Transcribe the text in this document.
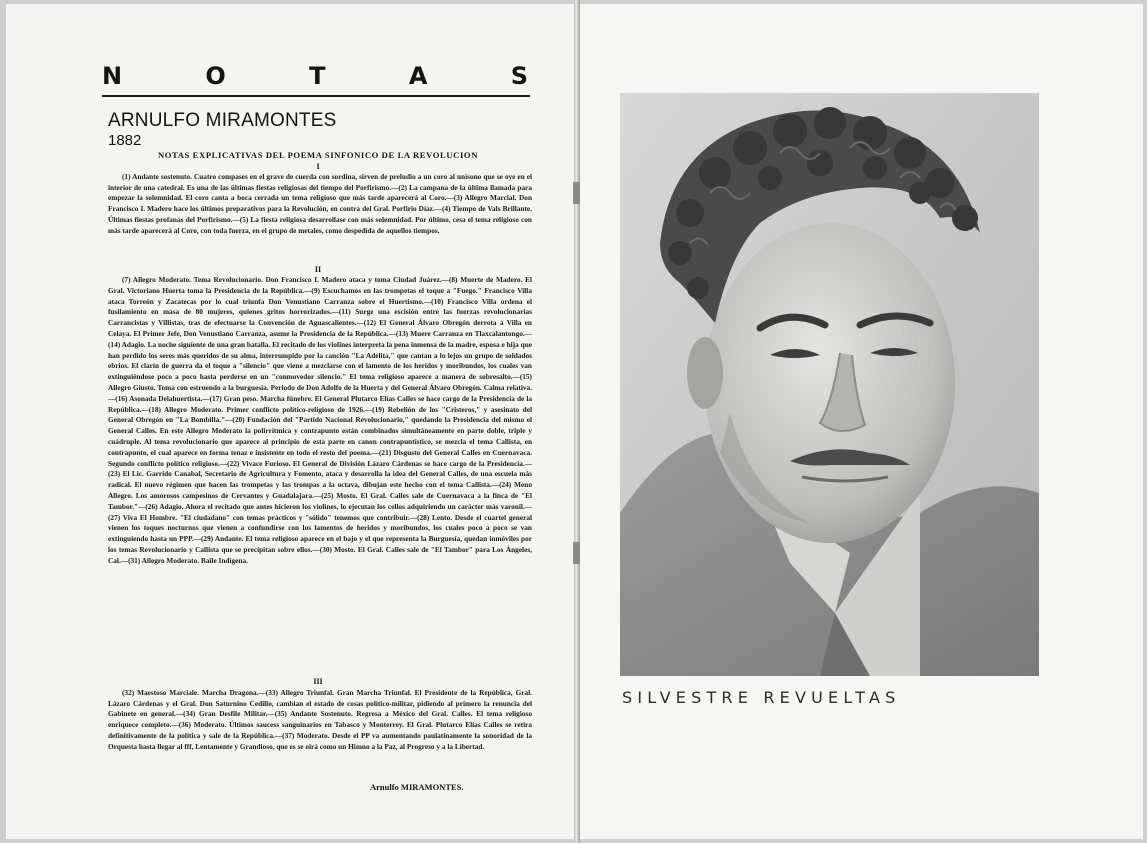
N	O	T	A	S
ARNULFO MIRAMONTES
1882
NOTAS EXPLICATIVAS DEL POEMA SINFONICO DE LA REVOLUCION
I

(1) Andante sostenuto. Cuatro compases en el grave de cuerda con sordina, sirven de preludio a un coro al unísono que se oye en el interior de una catedral. Es una de las últimas fiestas religiosas del tiempo del Porfirismo.—(2) La campana de la última llamada para empezar la solemnidad. El coro canta a boca cerrada un tema religioso que más tarde aparecerá al Coro.—(3) Allegro Marcial. Don Francisco I. Madero hace los últimos preparativos para la Revolución, en contra del Gral. Porfirio Díaz.—(4) Tiempo de Vals Brillante. Últimas fiestas profanas del Porfirismo.—(5) La fiesta religiosa desarrollase con más solemnidad. Por último, cesa el tema religioso con más tarde aparecerá al Coro, con toda fuerza, en el grupo de metales, como despedida de aquellos tiempos.

II

(7) Allegro Moderato. Tema Revolucionario. Don Francisco I. Madero ataca y toma Ciudad Juárez.—(8) Muerte de Madero. El Gral. Victoriano Huerta toma la Presidencia de la República.—(9) Escuchamos en las trompetas el toque a "Fuego." Francisco Villa ataca Torreón y Zacatecas por lo cual triunfa Don Venustiano Carranza sobre el Huertismo.—(10) Francisco Villa ordena el fusilamiento en masa de 80 mujeres, quienes gritos horrorizados.—(11) Surge una escisión entre las fuerzas revolucionarias Carrancistas y Villistas, tras de efectuarse la Convención de Aguascalientes.—(12) El General Álvaro Obregón derrota a Villa en Celaya. El Primer Jefe, Don Venustiano Carranza, asume la Presidencia de la República.—(13) Muere Carranza en Tlaxcalantongo.—(14) Adagio. La noche siguiente de una gran batalla. El recitado de los violines interpreta la pena inmensa de la madre, esposa e hija que han perdido los seres más queridos de su alma, interrumpido por la canción "La Adelita," que cantan a lo lejos un grupo de soldados ebrios. El clarín de guerra da el toque a "silencio" que viene a mezclarse con el lamento de los heridos y moribundos, los cuales van extinguiéndose poco a poco hasta perderse en un "conmovedor silencio." El tema religioso aparece a manera de sobresalto.—(15) Allegro Giusto. Toma con estruendo a la burguesía. Periodo de Don Adolfo de la Huerta y del General Álvaro Obregón. Calma relativa.—(16) Asonada Delahuertista.—(17) Gran peso. Marcha fúnebre. El General Plutarco Elías Calles se hace cargo de la Presidencia de la República.—(18) Allegro Moderato. Primer conflicto político-religioso de 1926.—(19) Rebelión de los "Cristeros," y asesinato del General Obregón en "La Bombilla."—(20) Fundación del "Partido Nacional Revolucionario," quedando la Presidencia del mismo el General Calles. En este Allegro Moderato la polirrítmica y contrapunto están combinados simultáneamente en parte doble, triple y cuádruple. Al tema revolucionario que aparece al principio de esta parte en canon contrapuntístico, se mezcla el tema Callista, en contrapunto, el cual aparece en forma tenaz e insistente en todo el resto del poema.—(21) Disgusto del General Calles en Cuernavaca. Segundo conflicto político religioso.—(22) Vivace Furioso. El General de División Lázaro Cárdenas se hace cargo de la Presidencia.—(23) El Lic. Garrido Canabal, Secretario de Agricultura y Fomento, ataca y desarrolla la idea del General Calles, de una escuela más radical. El nuevo régimen que hacen las trompetas y las trompas a la octava, dibujan este hecho con el tema Callista.—(24) Meno Allegro. Los amorosos campesinos de Cervantes y Guadalajara.—(25) Mosto. El Gral. Calles sale de Cuernavaca a la finca de "El Tambor."—(26) Adagio. Ahora el recitado que antes hicieron los violines, lo ejecutan los cellos adquiriendo un carácter más varonil.—(27) Viva El Hombre. "El ciudadano" con temas prácticos y "sólido" tenemos que contribuir.—(28) Lento. Desde el cuartel general vienen los toques nocturnos que vienen a confundirse con los lamentos de heridos y moribundos, los cuales poco a poco se van extinguiendo hasta un PPP.—(29) Andante. El tema religioso aparece en el bajo y el que representa la Burguesía, quedan inmóviles por los temas Revolucionario y Callista que se precipitan sobre ellos.—(30) Mosto. El Gral. Calles sale de "El Tambor" para Los Ángeles, Cal.—(31) Allegro Moderato. Baile Indígena.

III

(32) Maestoso Marciale. Marcha Dragona.—(33) Allegro Triunfal. Gran Marcha Triunfal. El Presidente de la República, Gral. Lázaro Cárdenas y el Gral. Don Saturnino Cedillo, cambian el estado de cosas político-militar, pidiendo al primero la renuncia del Gabinete en general.—(34) Gran Desfile Militar.—(35) Andante Sostenuto. Regresa a México del Gral. Calles. El tema religioso enriquece completo.—(36) Moderato. Últimos saucess sanguinarios en Tabasco y Monterrey. El Gral. Plutarco Elías Calles se retira definitivamente de la política y sale de la República.—(37) Moderato. Desde el PP va aumentando paulatinamente la sonoridad de la Orquesta hasta llegar al fff, Lentamente y Grandioso, que es se oirá como un Himno a la Paz, al Progreso y a la Libertad.

Arnulfo MIRAMONTES.
SILVESTRE REVUELTAS
